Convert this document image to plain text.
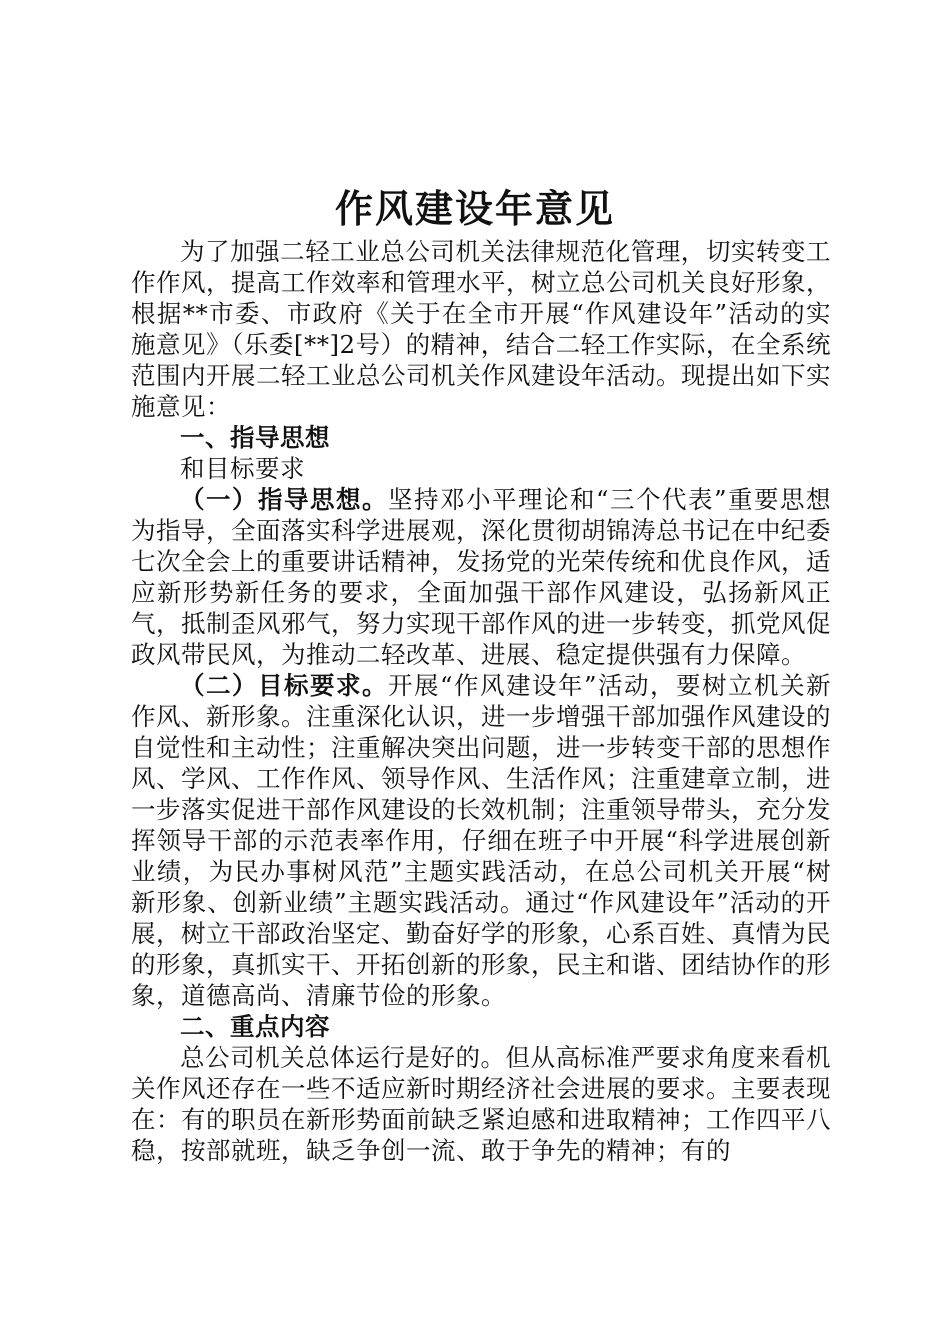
作风建设年意见

为了加强二轻工业总公司机关法律规范化管理，切实转变工作作风，提高工作效率和管理水平，树立总公司机关良好形象，根据**市委、市政府《关于在全市开展“作风建设年”活动的实施意见》（乐委[**]2号）的精神，结合二轻工作实际，在全系统范围内开展二轻工业总公司机关作风建设年活动。现提出如下实施意见：

一、指导思想

和目标要求

（一）指导思想。坚持邓小平理论和“三个代表”重要思想为指导，全面落实科学进展观，深化贯彻胡锦涛总书记在中纪委七次全会上的重要讲话精神，发扬党的光荣传统和优良作风，适应新形势新任务的要求，全面加强干部作风建设，弘扬新风正气，抵制歪风邪气，努力实现干部作风的进一步转变，抓党风促政风带民风，为推动二轻改革、进展、稳定提供强有力保障。

（二）目标要求。开展“作风建设年”活动，要树立机关新作风、新形象。注重深化认识，进一步增强干部加强作风建设的自觉性和主动性；注重解决突出问题，进一步转变干部的思想作风、学风、工作作风、领导作风、生活作风；注重建章立制，进一步落实促进干部作风建设的长效机制；注重领导带头，充分发挥领导干部的示范表率作用，仔细在班子中开展“科学进展创新业绩，为民办事树风范”主题实践活动，在总公司机关开展“树新形象、创新业绩”主题实践活动。通过“作风建设年”活动的开展，树立干部政治坚定、勤奋好学的形象，心系百姓、真情为民的形象，真抓实干、开拓创新的形象，民主和谐、团结协作的形象，道德高尚、清廉节俭的形象。

二、重点内容

总公司机关总体运行是好的。但从高标准严要求角度来看机关作风还存在一些不适应新时期经济社会进展的要求。主要表现在：有的职员在新形势面前缺乏紧迫感和进取精神；工作四平八稳，按部就班，缺乏争创一流、敢于争先的精神；有的
